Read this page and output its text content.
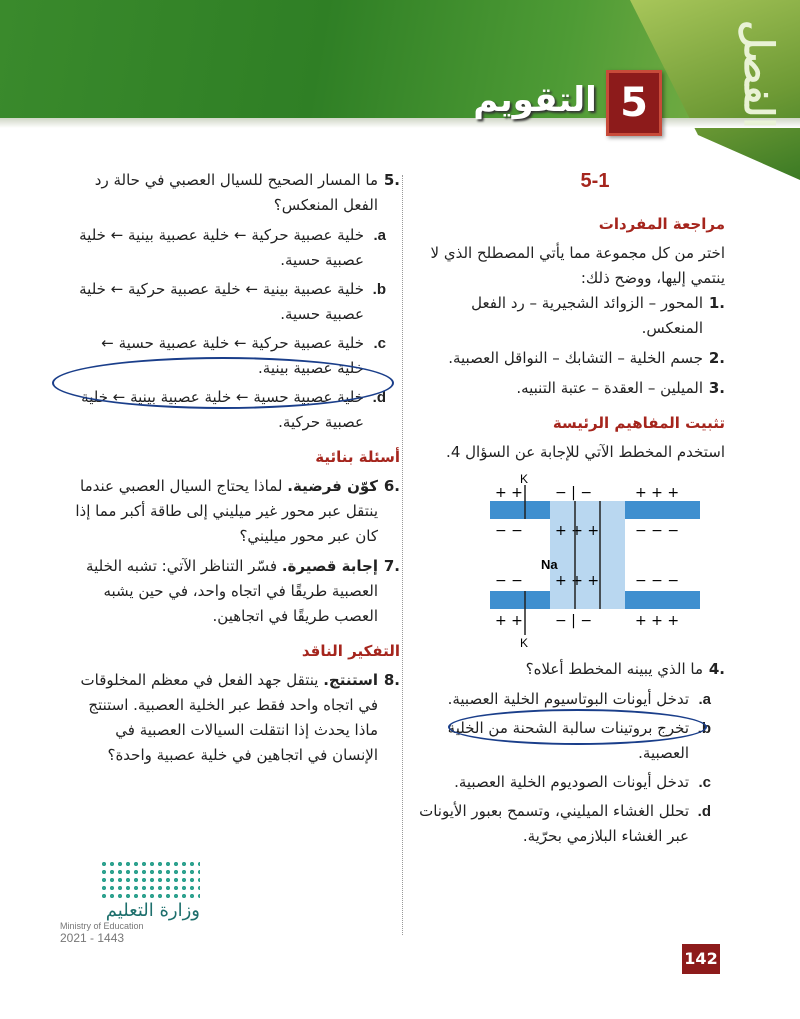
الفصل
5
التقويم
5-1
مراجعة المفردات
اختر من كل مجموعة مما يأتي المصطلح الذي لا ينتمي إليها، ووضح ذلك:
.1
المحور – الزوائد الشجيرية – رد الفعل المنعكس.
.2
جسم الخلية – التشابك – النواقل العصبية.
.3
الميلين – العقدة – عتبة التنبيه.
تثبيت المفاهيم الرئيسة
استخدم المخطط الآتي للإجابة عن السؤال 4.
K
Na
K
+ + − | −	+ + +
− − + + +	− − −
− − + + +	− − −
+ + − | −	+ + +
.4
ما الذي يبينه المخطط أعلاه؟
a.
تدخل أيونات البوتاسيوم الخلية العصبية.
b.
تخرج بروتينات سالبة الشحنة من الخلية العصبية.
c.
تدخل أيونات الصوديوم الخلية العصبية.
d.
تحلل الغشاء الميليني، وتسمح بعبور الأيونات عبر الغشاء البلازمي بحرّية.
.5
ما المسار الصحيح للسيال العصبي في حالة رد الفعل المنعكس؟
a.
خلية عصبية حركية ← خلية عصبية بينية ← خلية عصبية حسية.
b.
خلية عصبية بينية ← خلية عصبية حركية ← خلية عصبية حسية.
c.
خلية عصبية حركية ← خلية عصبية حسية ← خلية عصبية بينية.
d.
خلية عصبية حسية ← خلية عصبية بينية ← خلية عصبية حركية.
أسئلة بنائية
.6
كوّن فرضية. لماذا يحتاج السيال العصبي عندما ينتقل عبر محور غير ميليني إلى طاقة أكبر مما إذا كان عبر محور ميليني؟
.7
إجابة قصيرة. فسّر التناظر الآتي: تشبه الخلية العصبية طريقًا في اتجاه واحد، في حين يشبه العصب طريقًا في اتجاهين.
التفكير الناقد
.8
استنتج. ينتقل جهد الفعل في معظم المخلوقات في اتجاه واحد فقط عبر الخلية العصبية. استنتج ماذا يحدث إذا انتقلت السيالات العصبية في الإنسان في اتجاهين في خلية عصبية واحدة؟
وزارة التعليم
Ministry of Education
2021 - 1443
142
